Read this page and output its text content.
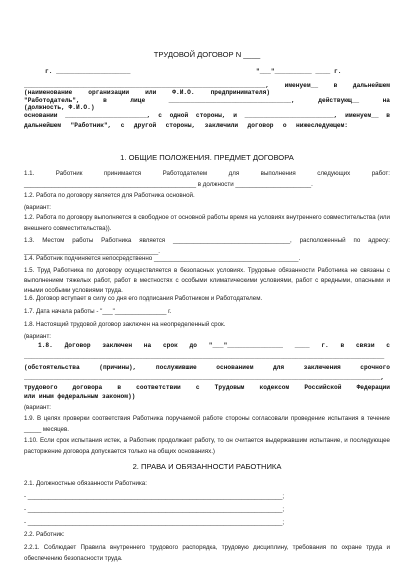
ТРУДОВОЙ ДОГОВОР N ____
г. ____________________	"___"__________ ____ г.
_________________________________________________________________, именуем__ в дальнейшем
(наименование организации или Ф.И.О. предпринимателя)
"Работодатель", в лице _________________________________, действующ__ на
(должность, Ф.И.О.)
основании ______________________, с одной стороны, и ________________________, именуем__ в
дальнейшем "Работник", с другой стороны, заключили договор о нижеследующем:
1. ОБЩИЕ ПОЛОЖЕНИЯ. ПРЕДМЕТ ДОГОВОРА

1.1. Работник принимается Работодателем для выполнения следующих работ: __________________________________________________ в должности ______________________.

1.2. Работа по договору является для Работника основной.

(вариант:

1.2. Работа по договору выполняется в свободное от основной работы время на условиях внутреннего совместительства (или внешнего совместительства)).

1.3. Местом работы Работника является __________________________________, расположенный по адресу: _______________________________________.

1.4. Работник подчиняется непосредственно __________________________________________.

1.5. Труд Работника по договору осуществляется в безопасных условиях. Трудовые обязанности Работника не связаны с выполнением тяжелых работ, работ в местностях с особыми климатическими условиями, работ с вредными, опасными и иными особыми условиями труда.

1.6. Договор вступает в силу со дня его подписания Работником и Работодателем.

1.7. Дата начала работы - "___"_______________ г.

1.8. Настоящий трудовой договор заключен на неопределенный срок.

(вариант:

1.8. Договор заключен на срок до "___"_______________ ____ г. в связи с
_________________________________________________________________________________________________
(обстоятельства (причины), послужившие основанием для заключения срочного
________________________________________________________________________________________________,
трудового договора в соответствии с Трудовым кодексом Российской Федерации
или иным федеральным законом))

(вариант:

1.9. В целях проверки соответствия Работника поручаемой работе стороны согласовали проведение испытания в течение _____ месяцев.

1.10. Если срок испытания истек, а Работник продолжает работу, то он считается выдержавшим испытание, и последующее расторжение договора допускается только на общих основаниях.)

2. ПРАВА И ОБЯЗАННОСТИ РАБОТНИКА

2.1. Должностные обязанности Работника:

- __________________________________________________________________________;

- __________________________________________________________________________;

- __________________________________________________________________________;

2.2. Работник:

2.2.1. Соблюдает Правила внутреннего трудового распорядка, трудовую дисциплину, требования по охране труда и обеспечению безопасности труда.
